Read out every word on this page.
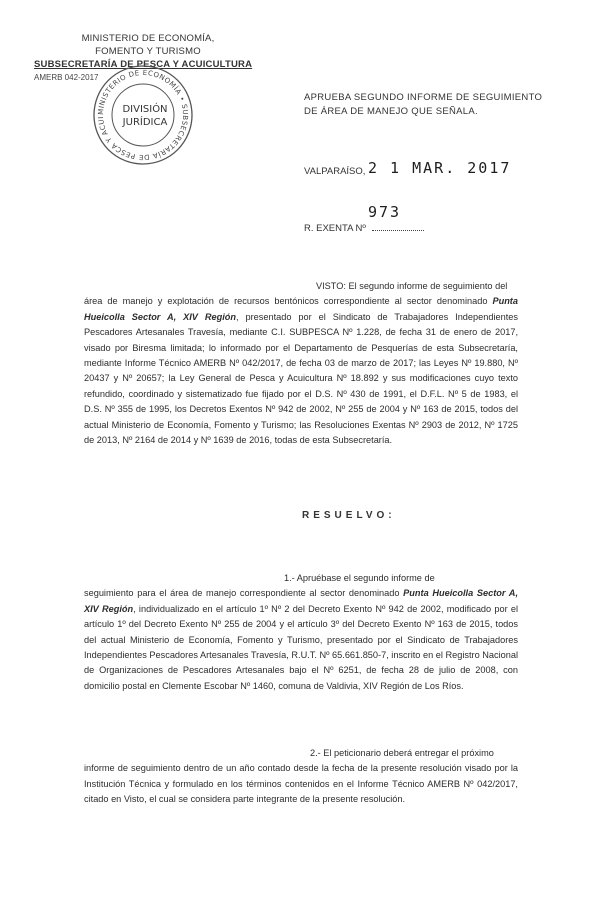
MINISTERIO DE ECONOMÍA,
FOMENTO Y TURISMO
SUBSECRETARÍA DE PESCA Y ACUICULTURA
AMERB 042-2017
MINISTERIO DE ECONOMÍA • SUBSECRETARÍA DE PESCA Y ACUI
DIVISIÓN
JURÍDICA
APRUEBA SEGUNDO INFORME DE SEGUIMIENTO
DE ÁREA DE MANEJO QUE SEÑALA.
VALPARAÍSO, 2 1 MAR. 2017
973
R. EXENTA Nº
VISTO: El segundo informe de seguimiento del
área de manejo y explotación de recursos bentónicos correspondiente al sector denominado Punta Hueicolla Sector A, XIV Región, presentado por el Sindicato de Trabajadores Independientes Pescadores Artesanales Travesía, mediante C.I. SUBPESCA Nº 1.228, de fecha 31 de enero de 2017, visado por Biresma limitada; lo informado por el Departamento de Pesquerías de esta Subsecretaría, mediante Informe Técnico AMERB Nº 042/2017, de fecha 03 de marzo de 2017; las Leyes Nº 19.880, Nº 20437 y Nº 20657; la Ley General de Pesca y Acuicultura Nº 18.892 y sus modificaciones cuyo texto refundido, coordinado y sistematizado fue fijado por el D.S. Nº 430 de 1991, el D.F.L. Nº 5 de 1983, el D.S. Nº 355 de 1995, los Decretos Exentos Nº 942 de 2002, Nº 255 de 2004 y Nº 163 de 2015, todos del actual Ministerio de Economía, Fomento y Turismo; las Resoluciones Exentas Nº 2903 de 2012, Nº 1725 de 2013, Nº 2164 de 2014 y Nº 1639 de 2016, todas de esta Subsecretaría.
RESUELVO:
1.- Apruébase el segundo informe de
seguimiento para el área de manejo correspondiente al sector denominado Punta Hueicolla Sector A, XIV Región, individualizado en el artículo 1º Nº 2 del Decreto Exento Nº 942 de 2002, modificado por el artículo 1º del Decreto Exento Nº 255 de 2004 y el artículo 3º del Decreto Exento Nº 163 de 2015, todos del actual Ministerio de Economía, Fomento y Turismo, presentado por el Sindicato de Trabajadores Independientes Pescadores Artesanales Travesía, R.U.T. Nº 65.661.850-7, inscrito en el Registro Nacional de Organizaciones de Pescadores Artesanales bajo el Nº 6251, de fecha 28 de julio de 2008, con domicilio postal en Clemente Escobar Nº 1460, comuna de Valdivia, XIV Región de Los Ríos.
2.- El peticionario deberá entregar el próximo
informe de seguimiento dentro de un año contado desde la fecha de la presente resolución visado por la Institución Técnica y formulado en los términos contenidos en el Informe Técnico AMERB Nº 042/2017, citado en Visto, el cual se considera parte integrante de la presente resolución.
